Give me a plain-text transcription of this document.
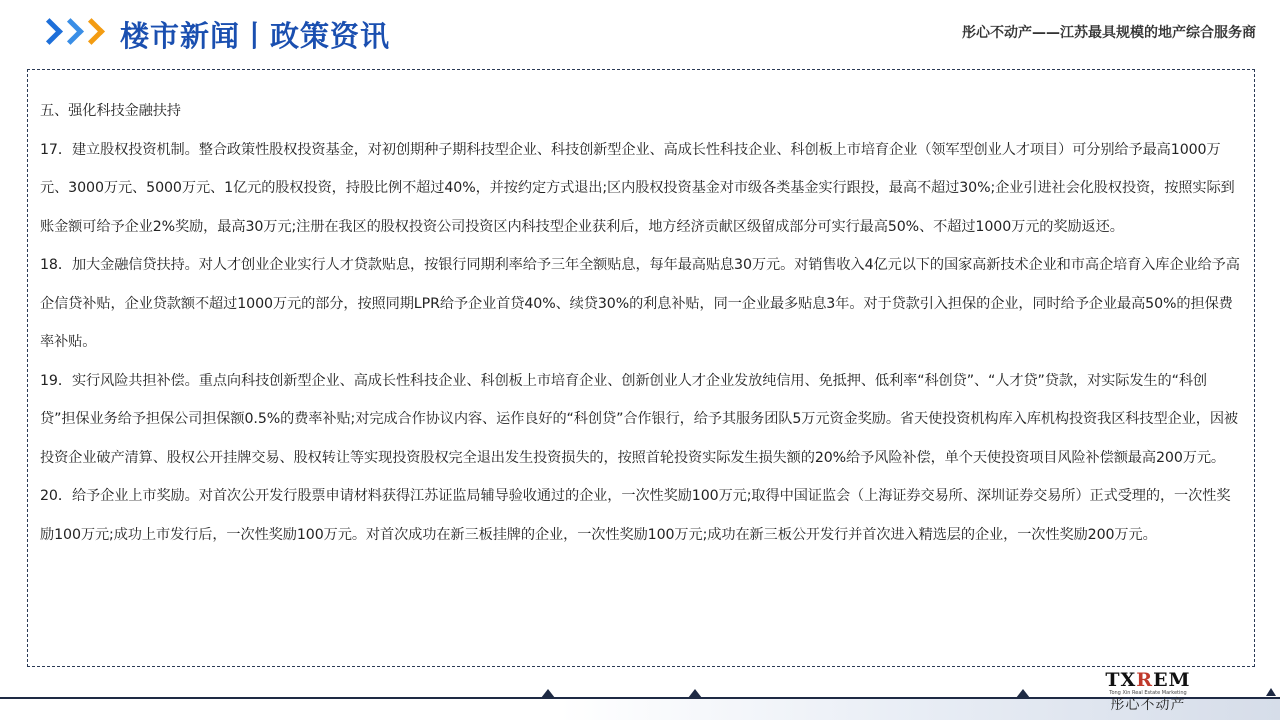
楼市新闻丨政策资讯	彤心不动产——江苏最具规模的地产综合服务商

五、强化科技金融扶持

17．建立股权投资机制。整合政策性股权投资基金，对初创期种子期科技型企业、科技创新型企业、高成长性科技企业、科创板上市培育企业（领军型创业人才项目）可分别给予最高1000万元、3000万元、5000万元、1亿元的股权投资，持股比例不超过40%，并按约定方式退出;区内股权投资基金对市级各类基金实行跟投，最高不超过30%;企业引进社会化股权投资，按照实际到账金额可给予企业2%奖励，最高30万元;注册在我区的股权投资公司投资区内科技型企业获利后，地方经济贡献区级留成部分可实行最高50%、不超过1000万元的奖励返还。

18．加大金融信贷扶持。对人才创业企业实行人才贷款贴息，按银行同期利率给予三年全额贴息，每年最高贴息30万元。对销售收入4亿元以下的国家高新技术企业和市高企培育入库企业给予高企信贷补贴，企业贷款额不超过1000万元的部分，按照同期LPR给予企业首贷40%、续贷30%的利息补贴，同一企业最多贴息3年。对于贷款引入担保的企业，同时给予企业最高50%的担保费率补贴。

19．实行风险共担补偿。重点向科技创新型企业、高成长性科技企业、科创板上市培育企业、创新创业人才企业发放纯信用、免抵押、低利率“科创贷”、“人才贷”贷款，对实际发生的“科创贷”担保业务给予担保公司担保额0.5%的费率补贴;对完成合作协议内容、运作良好的“科创贷”合作银行，给予其服务团队5万元资金奖励。省天使投资机构库入库机构投资我区科技型企业，因被投资企业破产清算、股权公开挂牌交易、股权转让等实现投资股权完全退出发生投资损失的，按照首轮投资实际发生损失额的20%给予风险补偿，单个天使投资项目风险补偿额最高200万元。

20．给予企业上市奖励。对首次公开发行股票申请材料获得江苏证监局辅导验收通过的企业，一次性奖励100万元;取得中国证监会（上海证券交易所、深圳证券交易所）正式受理的，一次性奖励100万元;成功上市发行后，一次性奖励100万元。对首次成功在新三板挂牌的企业，一次性奖励100万元;成功在新三板公开发行并首次进入精选层的企业，一次性奖励200万元。

TXREM
Tong Xin Real Estate Marketing
彤心不动产
